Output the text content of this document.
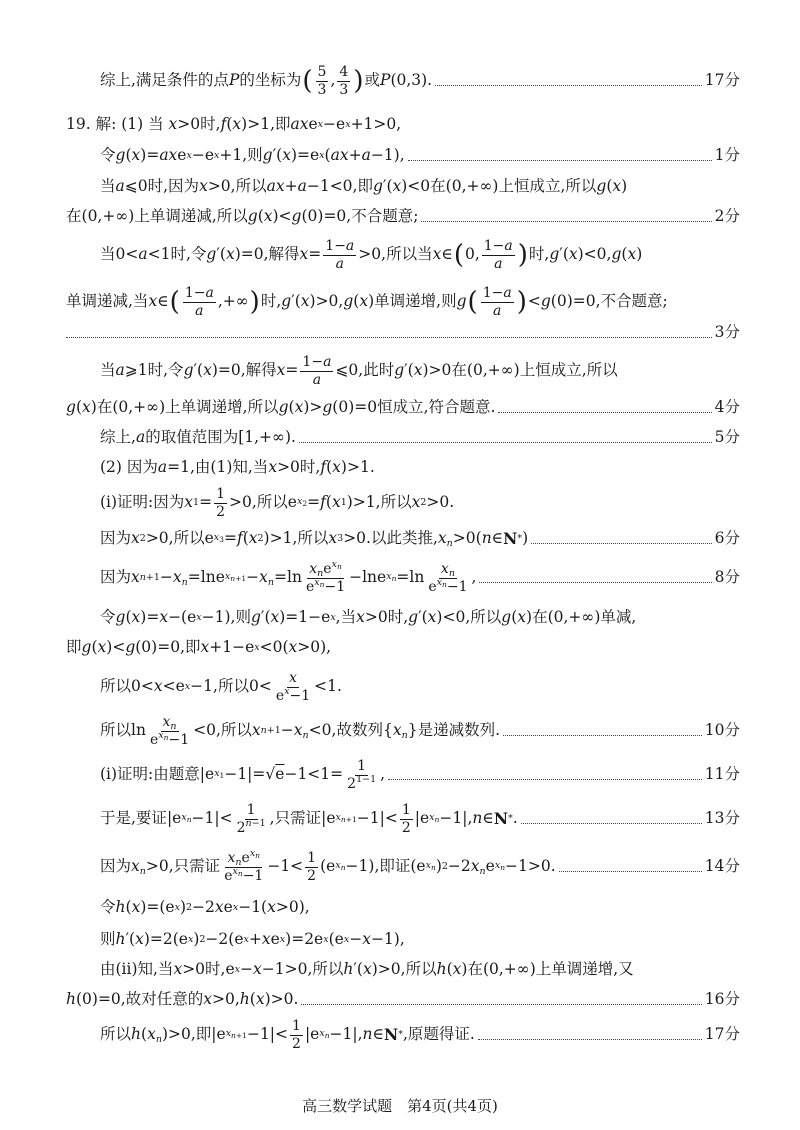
综上,满足条件的点 P 的坐标为 ( $\frac{5}{3}$ , $\frac{4}{3}$ ) 或 P (0,3).	17分
19. 解: (1) 当
x >0 时, f ( x )>1 ,即 ax e x −e x +1>0,
令 g ( x )= ax e x −e x +1 ,则 g ′( x )=e x ( ax + a −1),	1分
当 a ⩽0 时,因为 x >0 ,所以 ax + a −1<0 ,即 g ′( x )<0 在 (0,+∞) 上恒成立,所以 g ( x )
在 (0,+∞) 上单调递减,所以 g ( x )< g (0)=0 ,不合题意;	2分
当 0< a <1 时,令 g ′( x )=0 ,解得 $x = \frac{1-a}{a} >0$ ,所以当 x ∈ ( 0, $\frac{1-a}{a}$ ) 时, g ′( x )<0, g ( x )
单调递减,当 x ∈ ( $\frac{1-a}{a}$ ,+∞ ) 时, g ′( x )>0, g ( x ) 单调递增,则 g ( $\frac{1-a}{a}$ ) < g (0)=0 ,不合题意;
3分
当 a ⩾1 时,令 g ′( x )=0 ,解得 $x = \frac{1-a}{a}$ ⩽0 ,此时 g ′( x )>0 在 (0,+∞) 上恒成立,所以
g ( x ) 在 (0,+∞) 上单调递增,所以 g ( x )> g (0)=0 恒成立,符合题意.	4分
综上, a 的取值范围为 [1,+∞).	5分
(2) 因为 a =1 ,由(1)知,当 x >0 时, f ( x )>1.
(ⅰ)证明:因为 x $1 = \frac{1}{2} >0$ ,所以 e $x_2 = f$ ( x 1 )>1 ,所以 x 2 >0.
因为 x 2 >0 ,所以 e $x_3 = f$ ( x 2 )>1 ,所以 x 3 >0 .以此类推, $x_n >0$( n ∈ N * )	6分
因为 x $n+1 - x_n =\ln e$ $x_{n+1} - x_n =\ln \frac{x_ne^{x_n}}{e^{x_n}-1} -\ln e$ $x_n =\ln \frac{x_n}{e^{x_n}-1}$ ,	8分
令 g ( x )= x −(e x −1) ,则 g ′( x )=1−e x ,当 x >0 时, g ′( x )<0 ,所以 g ( x ) 在 (0,+∞) 单减,
即 g ( x )< g (0)=0 ,即 x +1−e x <0( x >0),
所以 0< x <e x −1 ,所以 $0< \frac{x}{e^x-1} <1$.
所以 $\ln \frac{x_n}{e^{x_n}-1} <0$ ,所以 x $n+1 - x_n <0$ ,故数列 { $x_n$ } 是递减数列.	10分
(ⅰ)证明:由题意 |e $x_1 -1|=√$ $e -1<1= \frac{1}{2^{1-1}}$ ,	11分
于是,要证 |e $x_n -1|< \frac{1}{2^{n-1}}$ ,只需证 |e $x_{n+1} -1|< \frac{1}{2} |e$ $x_n -1|$, n ∈ N * .	13分
因为 $x_n >0$ ,只需证 $\frac{x_ne^{x_n}}{e^{x_n}-1} -1< \frac{1}{2} (e$ $x_n -1$) ,即证 (e $x_n$ ) 2 −2 $x_n$ e $x_n -1>0$.	14分
令 h ( x )=(e x ) 2 −2 x e x −1( x >0),
则 h ′( x )=2(e x ) 2 −2(e x + x e x )=2e x (e x − x −1),
由(ⅱ)知,当 x >0 时, e x − x −1>0 ,所以 h ′( x )>0 ,所以 h ( x ) 在 (0,+∞) 上单调递增,又
h (0)=0 ,故对任意的 x >0, h ( x )>0.	16分
所以 h ( $x_n$ )>0 ,即 |e $x_{n+1} -1|< \frac{1}{2} |e$ $x_n -1|$, n ∈ N * ,原题得证.	17分
高三数学试题　第4页(共4页)
